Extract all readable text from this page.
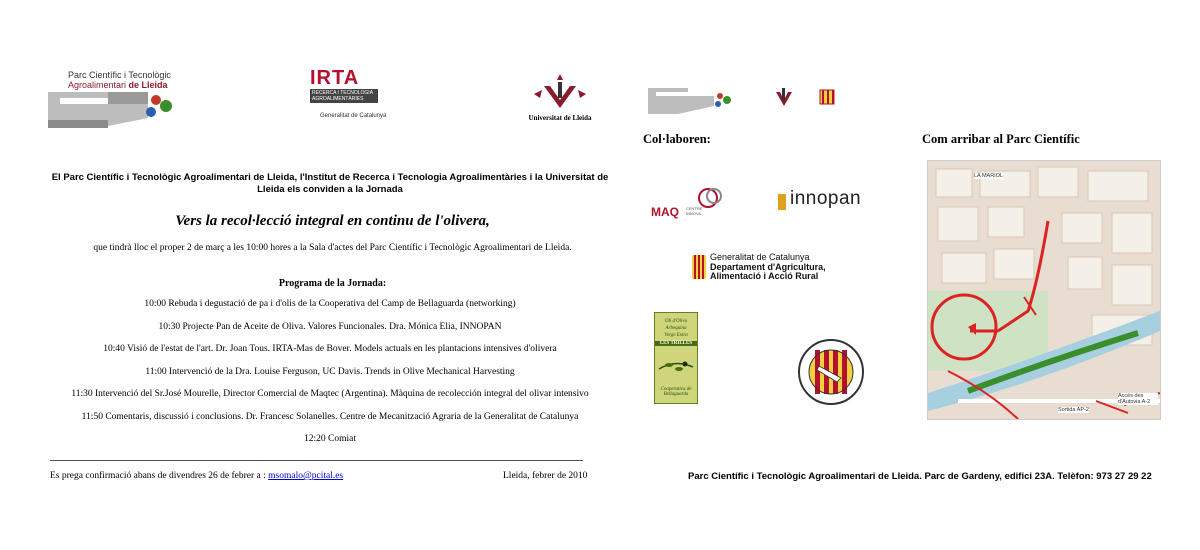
Parc Científic i Tecnològic
Agroalimentari de Lleida	IRTA
RECERCA I TECNOLOGIA AGROALIMENTÀRIES
Generalitat de Catalunya	Universitat de Lleida
El Parc Científic i Tecnològic Agroalimentari de Lleida, l'Institut de Recerca i Tecnologia Agroalimentàries i la Universitat de Lleida els conviden a la Jornada
Vers la recol·lecció integral en continu de l'olivera,
que tindrà lloc el proper 2 de març a les 10:00 hores a la Sala d'actes del Parc Científic i Tecnològic Agroalimentari de Lleida.
Programa de la Jornada:
10:00 Rebuda i degustació de pa i d'olis de la Cooperativa del Camp de Bellaguarda (networking)
10:30 Projecte Pan de Aceite de Oliva. Valores Funcionales. Dra. Mónica Elia, INNOPAN
10:40 Visió de l'estat de l'art. Dr. Joan Tous. IRTA-Mas de Bover. Models actuals en les plantacions intensives d'olivera
11:00 Intervenció de la Dra. Louise Ferguson, UC Davis. Trends in Olive Mechanical Harvesting
11:30 Intervenció del Sr.José Mourelle, Director Comercial de Maqtec (Argentina). Màquina de recolección integral del olivar intensivo
11:50 Comentaris, discussió i conclusions. Dr. Francesc Solanelles. Centre de Mecanització Agraria de la Generalitat de Catalunya
12:20 Comiat
Es prega confirmació abans de divendres 26 de febrer a : msomalo@pcital.es	Lleida, febrer de 2010
Col·laboren:	Com arribar al Parc Científic
MAQ CENTRE INNOVA
innopan
Generalitat de Catalunya
Departament d'Agricultura,
Alimentació i Acció Rural
Oli d'Oliva
Arbequina
Verge Extra
LES TRILLES
Cooperativa de Bellaguarda
LA MARIOL
Accés des d'Autovia A-2
Sortida AP-2
Parc Científic i Tecnològic Agroalimentari de Lleida. Parc de Gardeny, edifici 23A. Telèfon: 973 27 29 22
